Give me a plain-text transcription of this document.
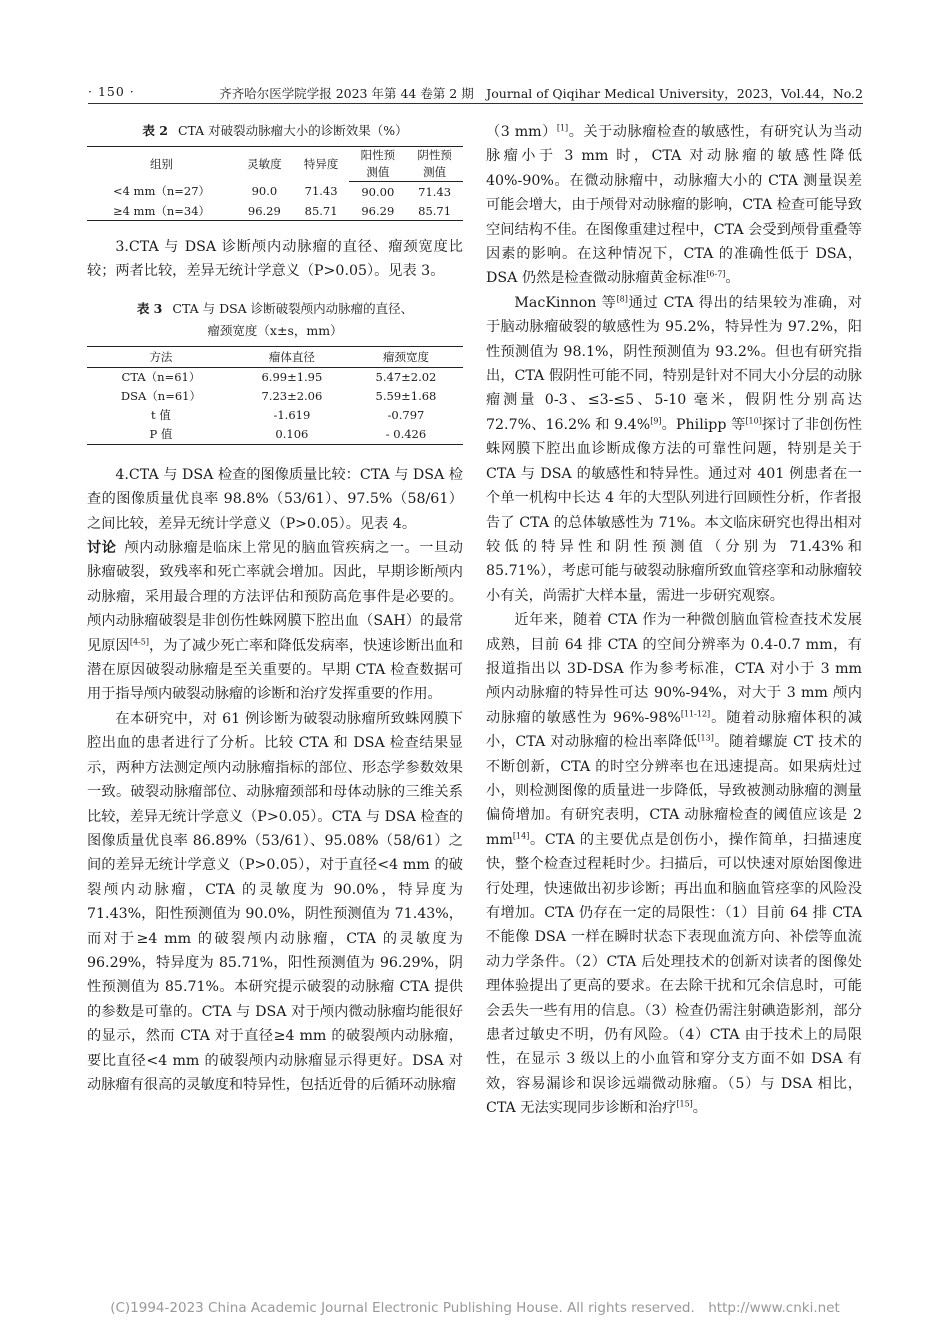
· 150 ·	齐齐哈尔医学院学报 2023 年第 44 卷第 2 期　Journal of Qiqihar Medical University，2023，Vol.44，No.2

表 2 CTA 对破裂动脉瘤大小的诊断效果（%）

组别	灵敏度	特异度	阳性预	阴性预
			测值	测值
<4 mm（n=27）	90.0	71.43	90.00	71.43
≥4 mm（n=34）	96.29	85.71	96.29	85.71

3.CTA 与 DSA 诊断颅内动脉瘤的直径、瘤颈宽度比较；两者比较，差异无统计学意义（P>0.05）。见表 3。

表 3 CTA 与 DSA 诊断破裂颅内动脉瘤的直径、

瘤颈宽度（x±s，mm）

方法	瘤体直径	瘤颈宽度
CTA（n=61）	6.99±1.95	5.47±2.02
DSA（n=61）	7.23±2.06	5.59±1.68
t 值	-1.619	-0.797
P 值	0.106	- 0.426

4.CTA 与 DSA 检查的图像质量比较：CTA 与 DSA 检查的图像质量优良率 98.8%（53/61）、97.5%（58/61）之间比较，差异无统计学意义（P>0.05）。见表 4。

讨论 颅内动脉瘤是临床上常见的脑血管疾病之一。一旦动脉瘤破裂，致残率和死亡率就会增加。因此，早期诊断颅内动脉瘤，采用最合理的方法评估和预防高危事件是必要的。颅内动脉瘤破裂是非创伤性蛛网膜下腔出血（SAH）的最常见原因[4-5]，为了减少死亡率和降低发病率，快速诊断出血和潜在原因破裂动脉瘤是至关重要的。早期 CTA 检查数据可用于指导颅内破裂动脉瘤的诊断和治疗发挥重要的作用。

在本研究中，对 61 例诊断为破裂动脉瘤所致蛛网膜下腔出血的患者进行了分析。比较 CTA 和 DSA 检查结果显示，两种方法测定颅内动脉瘤指标的部位、形态学参数效果一致。破裂动脉瘤部位、动脉瘤颈部和母体动脉的三维关系比较，差异无统计学意义（P>0.05）。CTA 与 DSA 检查的图像质量优良率 86.89%（53/61）、95.08%（58/61）之间的差异无统计学意义（P>0.05），对于直径<4 mm 的破裂颅内动脉瘤，CTA 的灵敏度为 90.0%，特异度为 71.43%，阳性预测值为 90.0%，阴性预测值为 71.43%，而对于≥4 mm 的破裂颅内动脉瘤，CTA 的灵敏度为 96.29%，特异度为 85.71%，阳性预测值为 96.29%，阴性预测值为 85.71%。本研究提示破裂的动脉瘤 CTA 提供的参数是可靠的。CTA 与 DSA 对于颅内微动脉瘤均能很好的显示，然而 CTA 对于直径≥4 mm 的破裂颅内动脉瘤，要比直径<4 mm 的破裂颅内动脉瘤显示得更好。DSA 对动脉瘤有很高的灵敏度和特异性，包括近骨的后循环动脉瘤

（3 mm）[1]。关于动脉瘤检查的敏感性，有研究认为当动脉瘤小于 3 mm 时，CTA 对动脉瘤的敏感性降低 40%-90%。在微动脉瘤中，动脉瘤大小的 CTA 测量误差可能会增大，由于颅骨对动脉瘤的影响，CTA 检查可能导致空间结构不佳。在图像重建过程中，CTA 会受到颅骨重叠等因素的影响。在这种情况下，CTA 的准确性低于 DSA，DSA 仍然是检查微动脉瘤黄金标准[6-7]。

MacKinnon 等[8]通过 CTA 得出的结果较为准确，对于脑动脉瘤破裂的敏感性为 95.2%，特异性为 97.2%，阳性预测值为 98.1%，阴性预测值为 93.2%。但也有研究指出，CTA 假阴性可能不同，特别是针对不同大小分层的动脉瘤测量 0-3、≤3-≤5、5-10 毫米，假阴性分别高达 72.7%、16.2% 和 9.4%[9]。Philipp 等[10]探讨了非创伤性蛛网膜下腔出血诊断成像方法的可靠性问题，特别是关于 CTA 与 DSA 的敏感性和特异性。通过对 401 例患者在一个单一机构中长达 4 年的大型队列进行回顾性分析，作者报告了 CTA 的总体敏感性为 71%。本文临床研究也得出相对较低的特异性和阴性预测值（分别为 71.43%和 85.71%），考虑可能与破裂动脉瘤所致血管痉挛和动脉瘤较小有关，尚需扩大样本量，需进一步研究观察。

近年来，随着 CTA 作为一种微创脑血管检查技术发展成熟，目前 64 排 CTA 的空间分辨率为 0.4-0.7 mm，有报道指出以 3D-DSA 作为参考标准，CTA 对小于 3 mm 颅内动脉瘤的特异性可达 90%-94%，对大于 3 mm 颅内动脉瘤的敏感性为 96%-98%[11-12]。随着动脉瘤体积的减小，CTA 对动脉瘤的检出率降低[13]。随着螺旋 CT 技术的不断创新，CTA 的时空分辨率也在迅速提高。如果病灶过小，则检测图像的质量进一步降低，导致被测动脉瘤的测量偏倚增加。有研究表明，CTA 动脉瘤检查的阈值应该是 2 mm[14]。CTA 的主要优点是创伤小，操作简单，扫描速度快，整个检查过程耗时少。扫描后，可以快速对原始图像进行处理，快速做出初步诊断；再出血和脑血管痉挛的风险没有增加。CTA 仍存在一定的局限性：（1）目前 64 排 CTA 不能像 DSA 一样在瞬时状态下表现血流方向、补偿等血流动力学条件。（2）CTA 后处理技术的创新对读者的图像处理体验提出了更高的要求。在去除干扰和冗余信息时，可能会丢失一些有用的信息。（3）检查仍需注射碘造影剂，部分患者过敏史不明，仍有风险。（4）CTA 由于技术上的局限性，在显示 3 级以上的小血管和穿分支方面不如 DSA 有效，容易漏诊和误诊远端微动脉瘤。（5）与 DSA 相比，CTA 无法实现同步诊断和治疗[15]。

(C)1994-2023 China Academic Journal Electronic Publishing House. All rights reserved.　http://www.cnki.net
